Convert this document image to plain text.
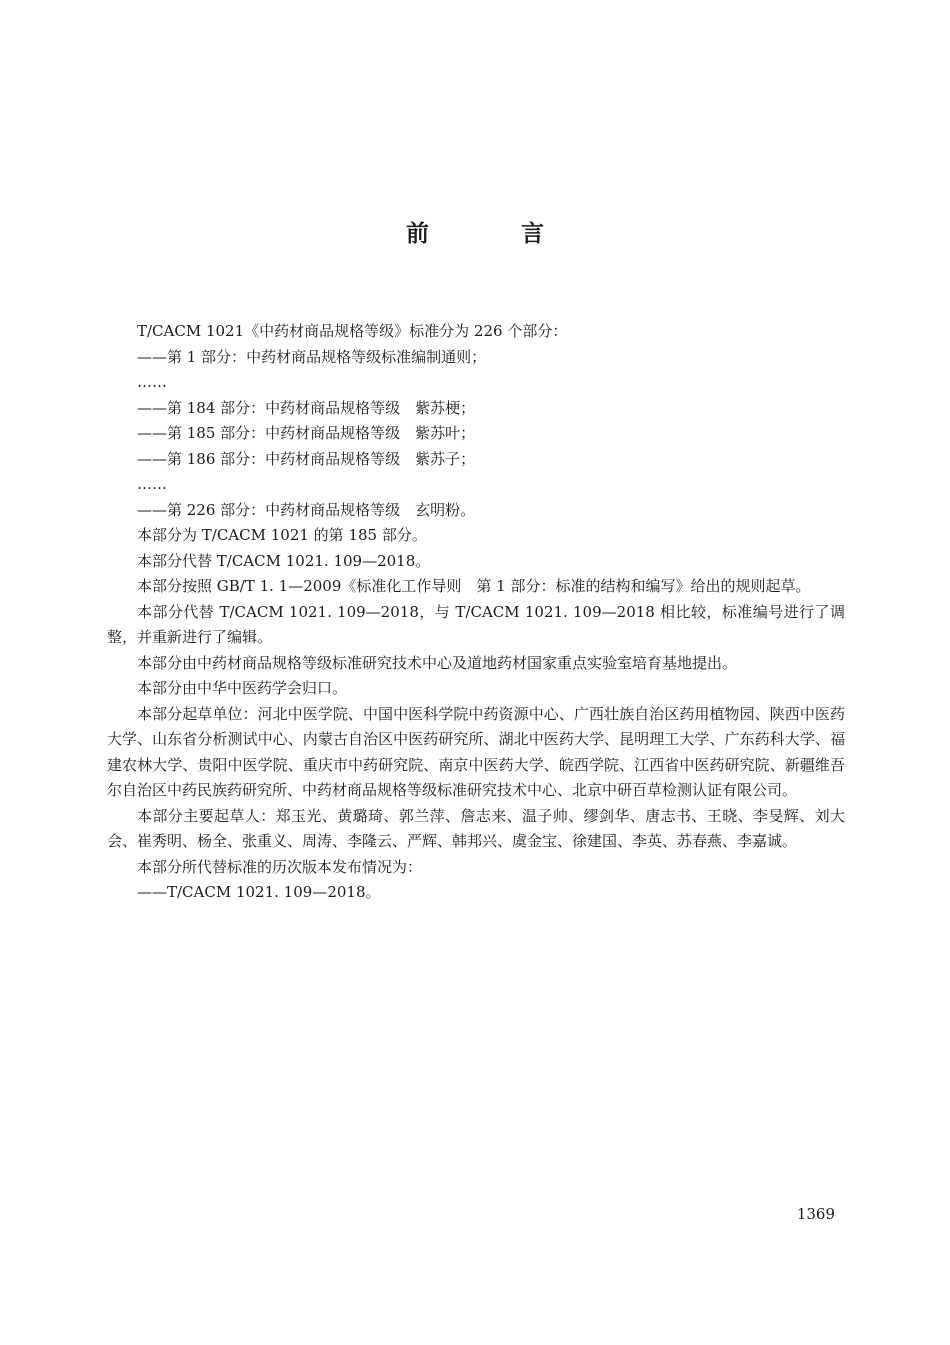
前 言

T/CACM 1021《中药材商品规格等级》标准分为 226 个部分：

——第 1 部分：中药材商品规格等级标准编制通则；

……

——第 184 部分：中药材商品规格等级　紫苏梗；

——第 185 部分：中药材商品规格等级　紫苏叶；

——第 186 部分：中药材商品规格等级　紫苏子；

……

——第 226 部分：中药材商品规格等级　玄明粉。

本部分为 T/CACM 1021 的第 185 部分。

本部分代替 T/CACM 1021. 109—2018。

本部分按照 GB/T 1. 1—2009《标准化工作导则　第 1 部分：标准的结构和编写》给出的规则起草。

本部分代替 T/CACM 1021. 109—2018，与 T/CACM 1021. 109—2018 相比较，标准编号进行了调整，并重新进行了编辑。

本部分由中药材商品规格等级标准研究技术中心及道地药材国家重点实验室培育基地提出。

本部分由中华中医药学会归口。

本部分起草单位：河北中医学院、中国中医科学院中药资源中心、广西壮族自治区药用植物园、陕西中医药大学、山东省分析测试中心、内蒙古自治区中医药研究所、湖北中医药大学、昆明理工大学、广东药科大学、福建农林大学、贵阳中医学院、重庆市中药研究院、南京中医药大学、皖西学院、江西省中医药研究院、新疆维吾尔自治区中药民族药研究所、中药材商品规格等级标准研究技术中心、北京中研百草检测认证有限公司。

本部分主要起草人：郑玉光、黄璐琦、郭兰萍、詹志来、温子帅、缪剑华、唐志书、王晓、李旻辉、刘大会、崔秀明、杨全、张重义、周涛、李隆云、严辉、韩邦兴、虞金宝、徐建国、李英、苏春燕、李嘉诚。

本部分所代替标准的历次版本发布情况为：

——T/CACM 1021. 109—2018。

1369
